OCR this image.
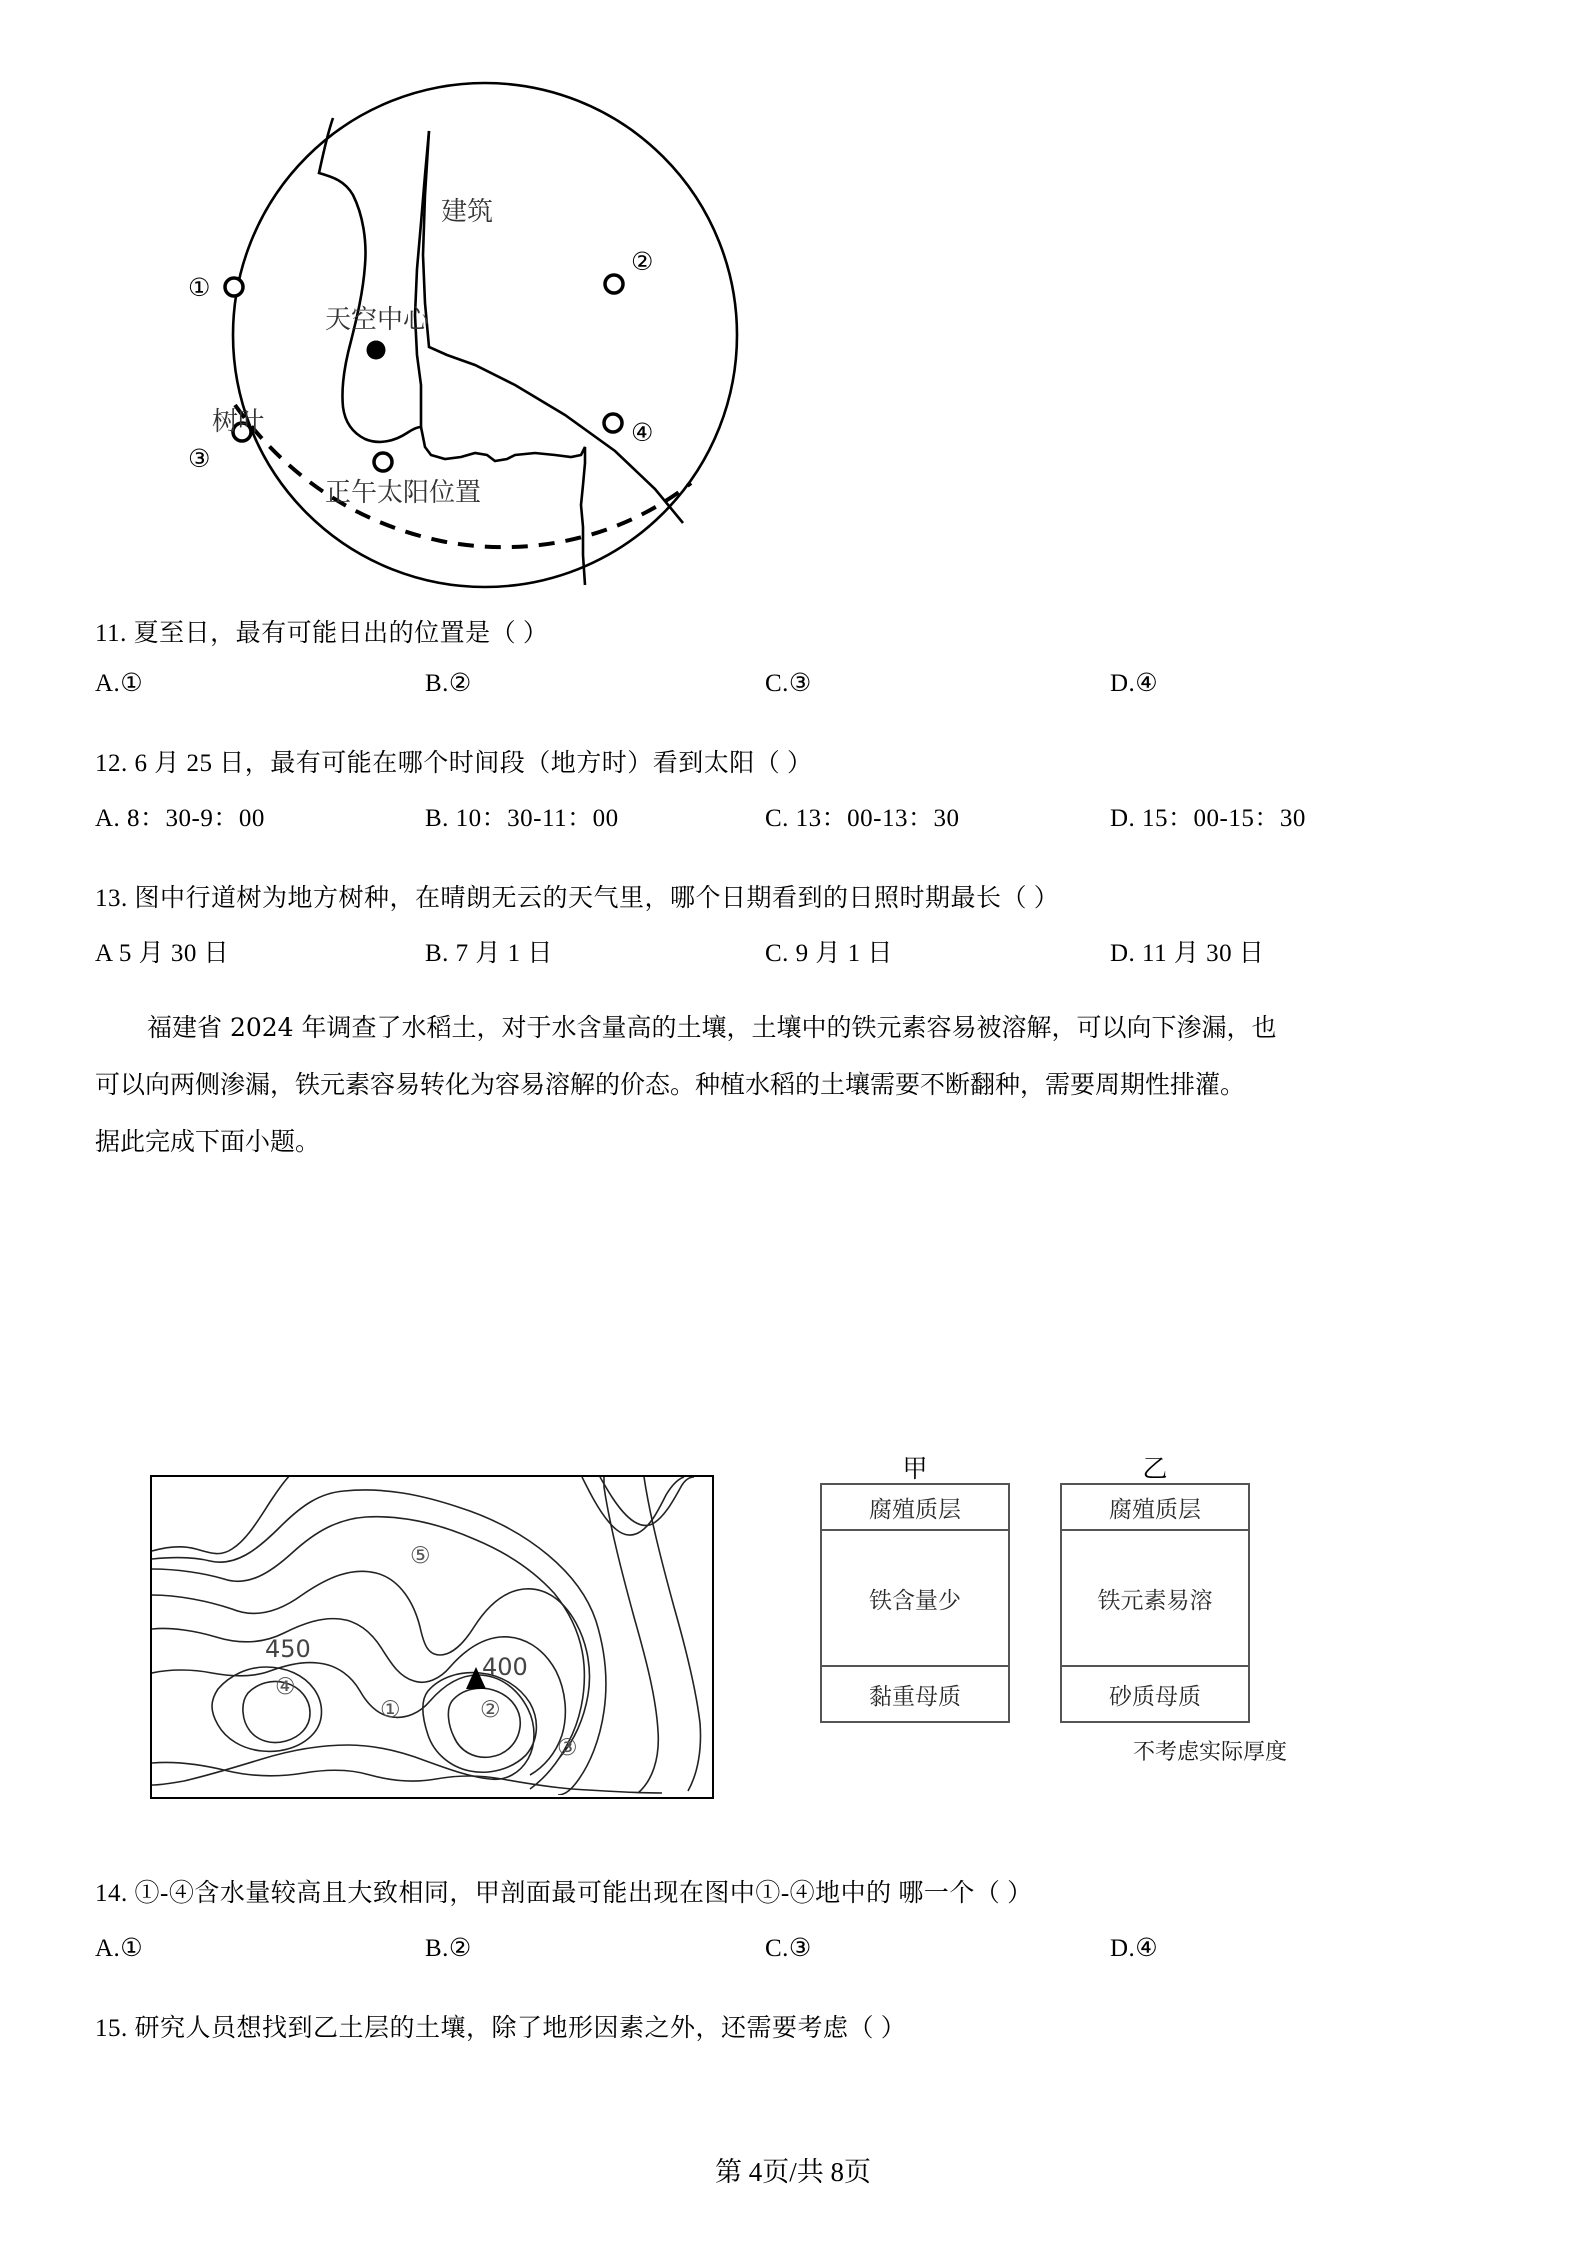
①
②
③
④
建筑
天空中心
树叶
正午太阳位置
11. 夏至日，最有可能日出的位置是（ ）
A.①	B.②	C.③	D.④
12. 6 月 25 日，最有可能在哪个时间段（地方时）看到太阳（ ）
A. 8：30-9：00	B. 10：30-11：00	C. 13：00-13：30	D. 15：00-15：30
13. 图中行道树为地方树种，在晴朗无云的天气里，哪个日期看到的日照时期最长（ ）
A 5 月 30 日	B. 7 月 1 日	C. 9 月 1 日	D. 11 月 30 日
福建省 2024 年调查了水稻土，对于水含量高的土壤，土壤中的铁元素容易被溶解，可以向下渗漏，也
可以向两侧渗漏，铁元素容易转化为容易溶解的价态。种植水稻的土壤需要不断翻种，需要周期性排灌。
据此完成下面小题。
450
400
④
①	②
③
⑤
甲
腐殖质层
铁含量少
黏重母质
乙
腐殖质层
铁元素易溶
砂质母质
不考虑实际厚度
14. ①-④含水量较高且大致相同，甲剖面最可能出现在图中①-④地中的 哪一个（ ）
A.①	B.②	C.③	D.④
15. 研究人员想找到乙土层的土壤，除了地形因素之外，还需要考虑（ ）
第 4页/共 8页
